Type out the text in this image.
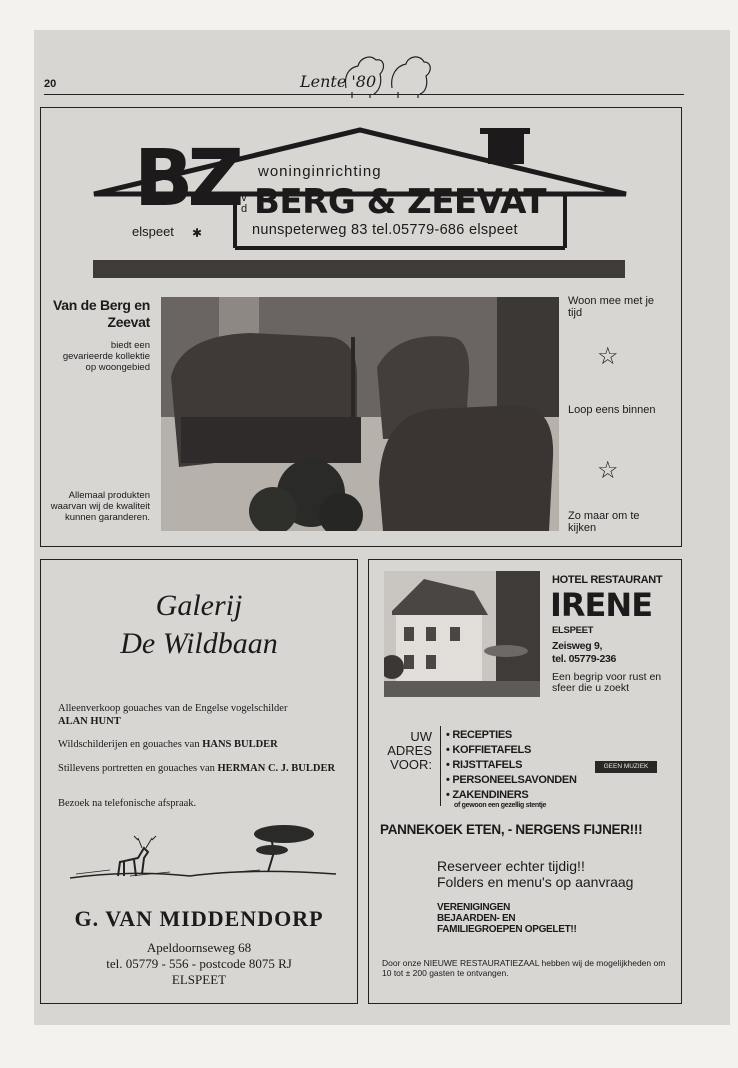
20	Lente '80
BZ v d
elspeet ✱
woninginrichting
BERG & ZEEVAT
nunspeterweg 83 tel.05779-686 elspeet
Van de Berg en Zeevat
biedt een gevarieerde kollektie op woongebied
Allemaal produkten waarvan wij de kwaliteit kunnen garanderen.
Woon mee met je tijd
☆
Loop eens binnen
☆
Zo maar om te kijken
Galerij
De Wildbaan
Alleenverkoop gouaches van de Engelse vogelschilder
ALAN HUNT
Wildschilderijen en gouaches van HANS BULDER
Stillevens portretten en gouaches van HERMAN C. J. BULDER
Bezoek na telefonische afspraak.
G. VAN MIDDENDORP
Apeldoornseweg 68
tel. 05779 - 556 - postcode 8075 RJ
ELSPEET
HOTEL RESTAURANT
IRENE
ELSPEET
Zeisweg 9,
tel. 05779-236
Een begrip voor rust en sfeer die u zoekt
UW
ADRES
VOOR:
• RECEPTIES
• KOFFIETAFELS
• RIJSTTAFELS
• PERSONEELSAVONDEN
• ZAKENDINERS
of gewoon een gezellig stentje
GEEN MUZIEK
PANNEKOEK ETEN, - NERGENS FIJNER!!!
Reserveer echter tijdig!!
Folders en menu's op aanvraag
VERENIGINGEN
BEJAARDEN- EN
FAMILIEGROEPEN OPGELET!!
Door onze NIEUWE RESTAURATIEZAAL hebben wij de mogelijkheden om 10 tot ± 200 gasten te ontvangen.
